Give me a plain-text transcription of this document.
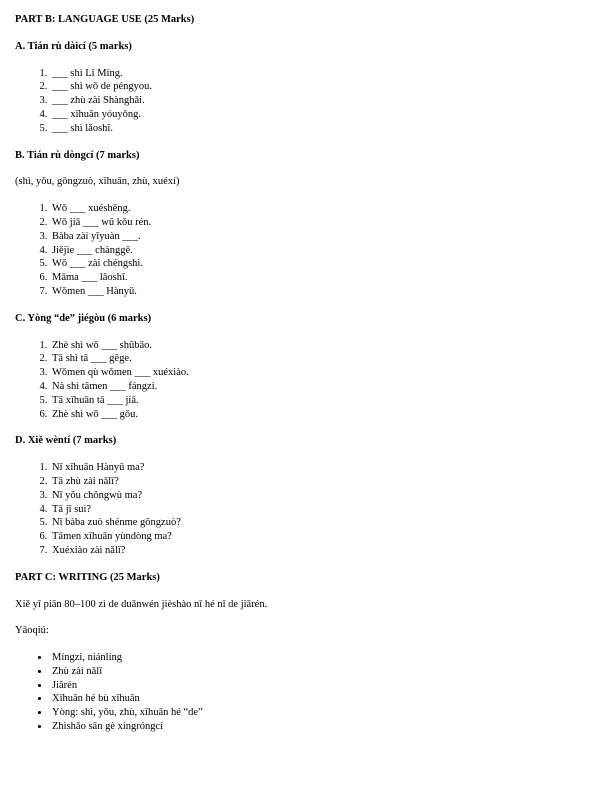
PART B: LANGUAGE USE (25 Marks)

A. Tián rù dàicí (5 marks)

1. ___ shì Lǐ Míng.
2. ___ shì wǒ de péngyou.
3. ___ zhù zài Shànghǎi.
4. ___ xǐhuān yóuyǒng.
5. ___ shì lǎoshī.

B. Tián rù dòngcí (7 marks)

(shì, yǒu, gōngzuò, xǐhuān, zhù, xuéxí)

1. Wǒ ___ xuéshēng.
2. Wǒ jiā ___ wǔ kǒu rén.
3. Bàba zài yīyuàn ___.
4. Jiějie ___ chànggē.
5. Wǒ ___ zài chéngshì.
6. Māma ___ lǎoshī.
7. Wǒmen ___ Hànyǔ.

C. Yòng “de” jiégòu (6 marks)

1. Zhè shì wǒ ___ shūbāo.
2. Tā shì tā ___ gēge.
3. Wǒmen qù wǒmen ___ xuéxiào.
4. Nà shì tāmen ___ fángzi.
5. Tā xǐhuān tā ___ jiā.
6. Zhè shì wǒ ___ gǒu.

D. Xiě wèntí (7 marks)

1. Nǐ xǐhuān Hànyǔ ma?
2. Tā zhù zài nǎlǐ?
3. Nǐ yǒu chǒngwù ma?
4. Tā jǐ suì?
5. Nǐ bàba zuò shénme gōngzuò?
6. Tāmen xǐhuān yùndòng ma?
7. Xuéxiào zài nǎlǐ?

PART C: WRITING (25 Marks)

Xiě yī piān 80–100 zì de duǎnwén jièshào nǐ hé nǐ de jiārén.

Yāoqiú:

• Míngzi, niánlíng
• Zhù zài nǎlǐ
• Jiārén
• Xǐhuān hé bù xǐhuān
• Yòng: shì, yǒu, zhù, xǐhuān hé “de”
• Zhìshǎo sān gè xíngróngcí
